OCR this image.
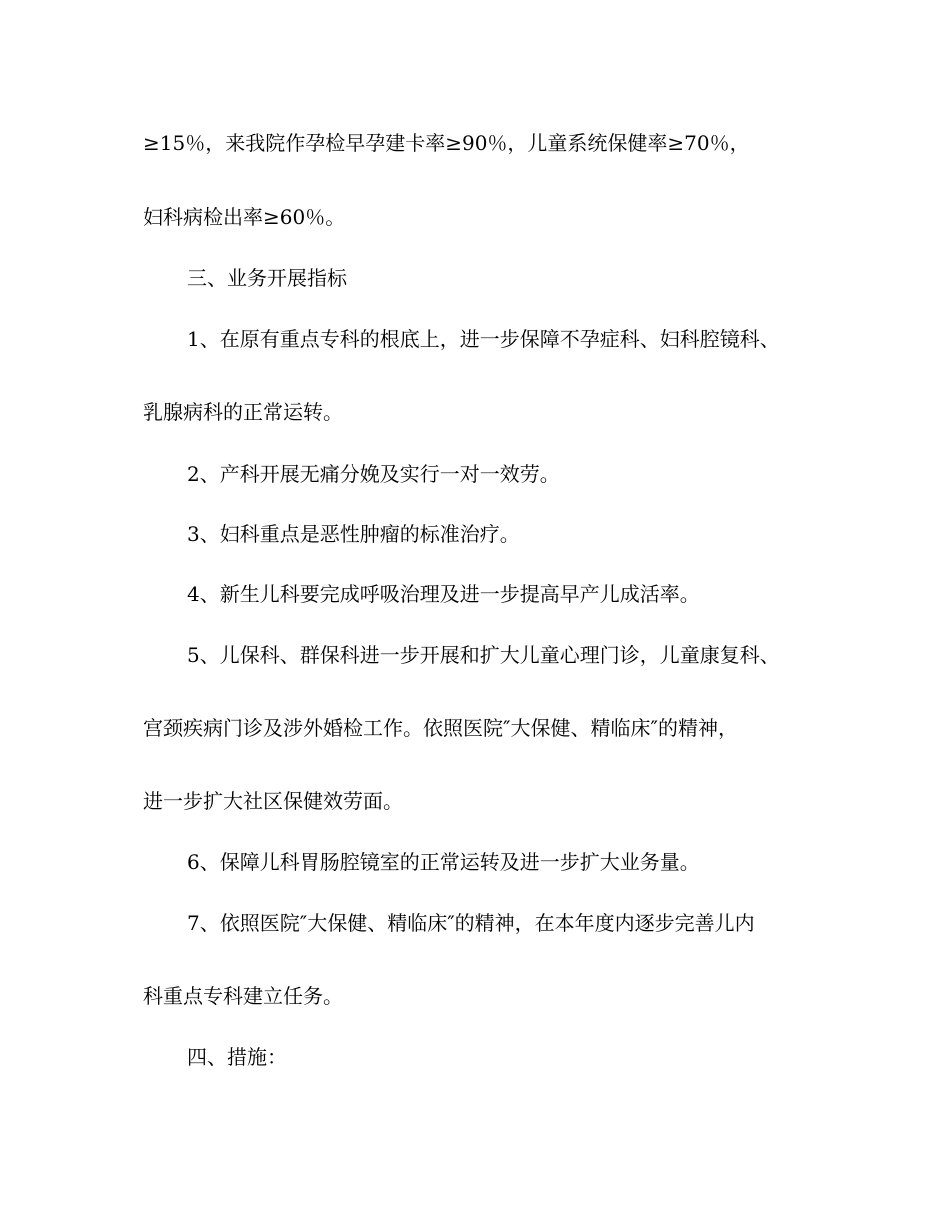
≥15％，来我院作孕检早孕建卡率≥90％，儿童系统保健率≥70％，
妇科病检出率≥60％。
三、业务开展指标
1、在原有重点专科的根底上，进一步保障不孕症科、妇科腔镜科、
乳腺病科的正常运转。
2、产科开展无痛分娩及实行一对一效劳。
3、妇科重点是恶性肿瘤的标准治疗。
4、新生儿科要完成呼吸治理及进一步提高早产儿成活率。
5、儿保科、群保科进一步开展和扩大儿童心理门诊，儿童康复科、
宫颈疾病门诊及涉外婚检工作。依照医院″大保健、精临床″的精神，
进一步扩大社区保健效劳面。
6、保障儿科胃肠腔镜室的正常运转及进一步扩大业务量。
7、依照医院″大保健、精临床″的精神，在本年度内逐步完善儿内
科重点专科建立任务。
四、措施：
